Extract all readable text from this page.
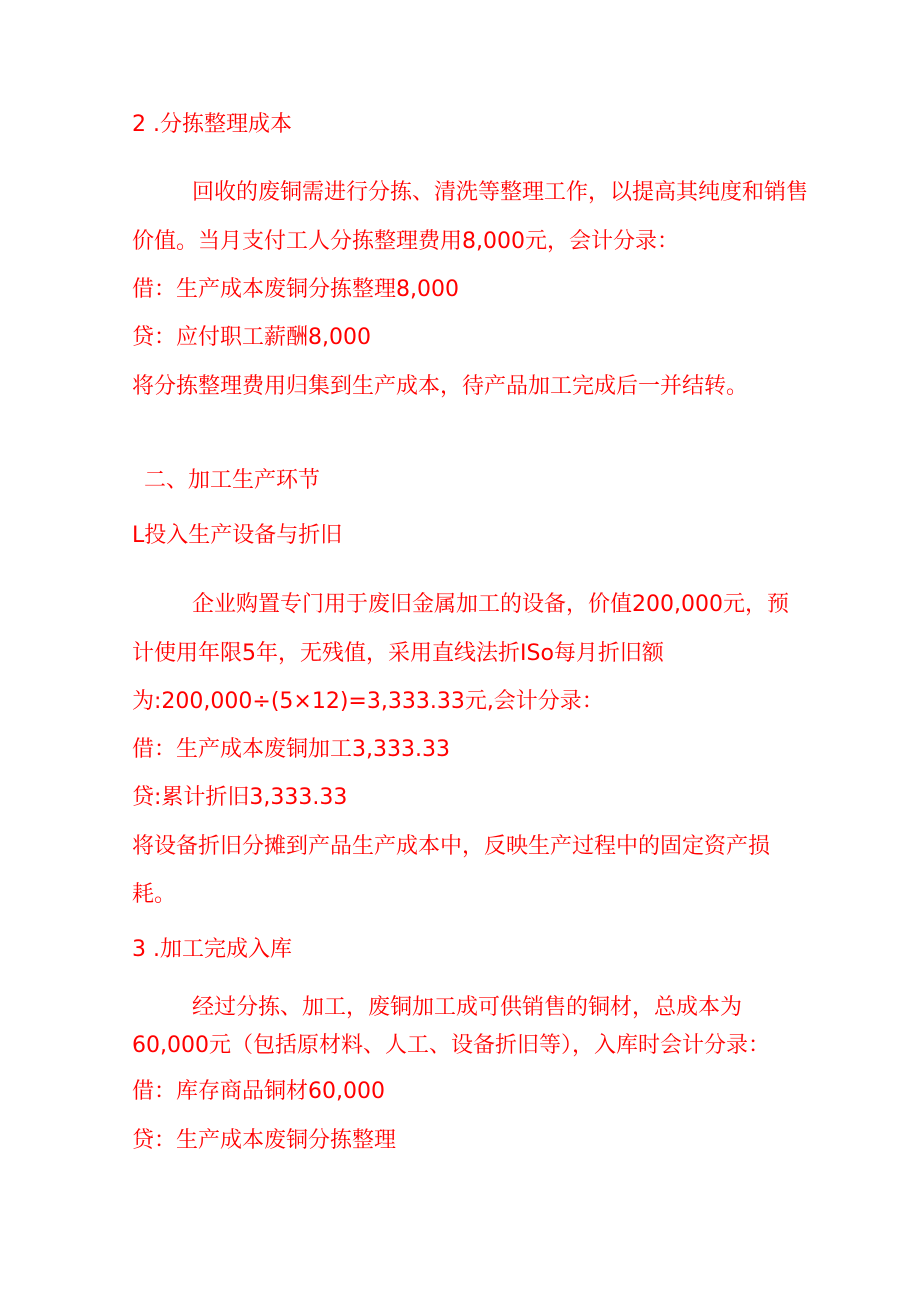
2 .分拣整理成本
回收的废铜需进行分拣、清洗等整理工作，以提高其纯度和销售
价值。当月支付工人分拣整理费用8,000元，会计分录：
借：生产成本废铜分拣整理8,000
贷：应付职工薪酬8,000
将分拣整理费用归集到生产成本，待产品加工完成后一并结转。
二、加工生产环节
L投入生产设备与折旧
企业购置专门用于废旧金属加工的设备，价值200,000元，预
计使用年限5年，无残值，采用直线法折ISo每月折旧额
为:200,000÷(5×12)=3,333.33元,会计分录：
借：生产成本废铜加工3,333.33
贷:累计折旧3,333.33
将设备折旧分摊到产品生产成本中，反映生产过程中的固定资产损
耗。
3 .加工完成入库
经过分拣、加工，废铜加工成可供销售的铜材，总成本为
60,000元（包括原材料、人工、设备折旧等），入库时会计分录：
借：库存商品铜材60,000
贷：生产成本废铜分拣整理
